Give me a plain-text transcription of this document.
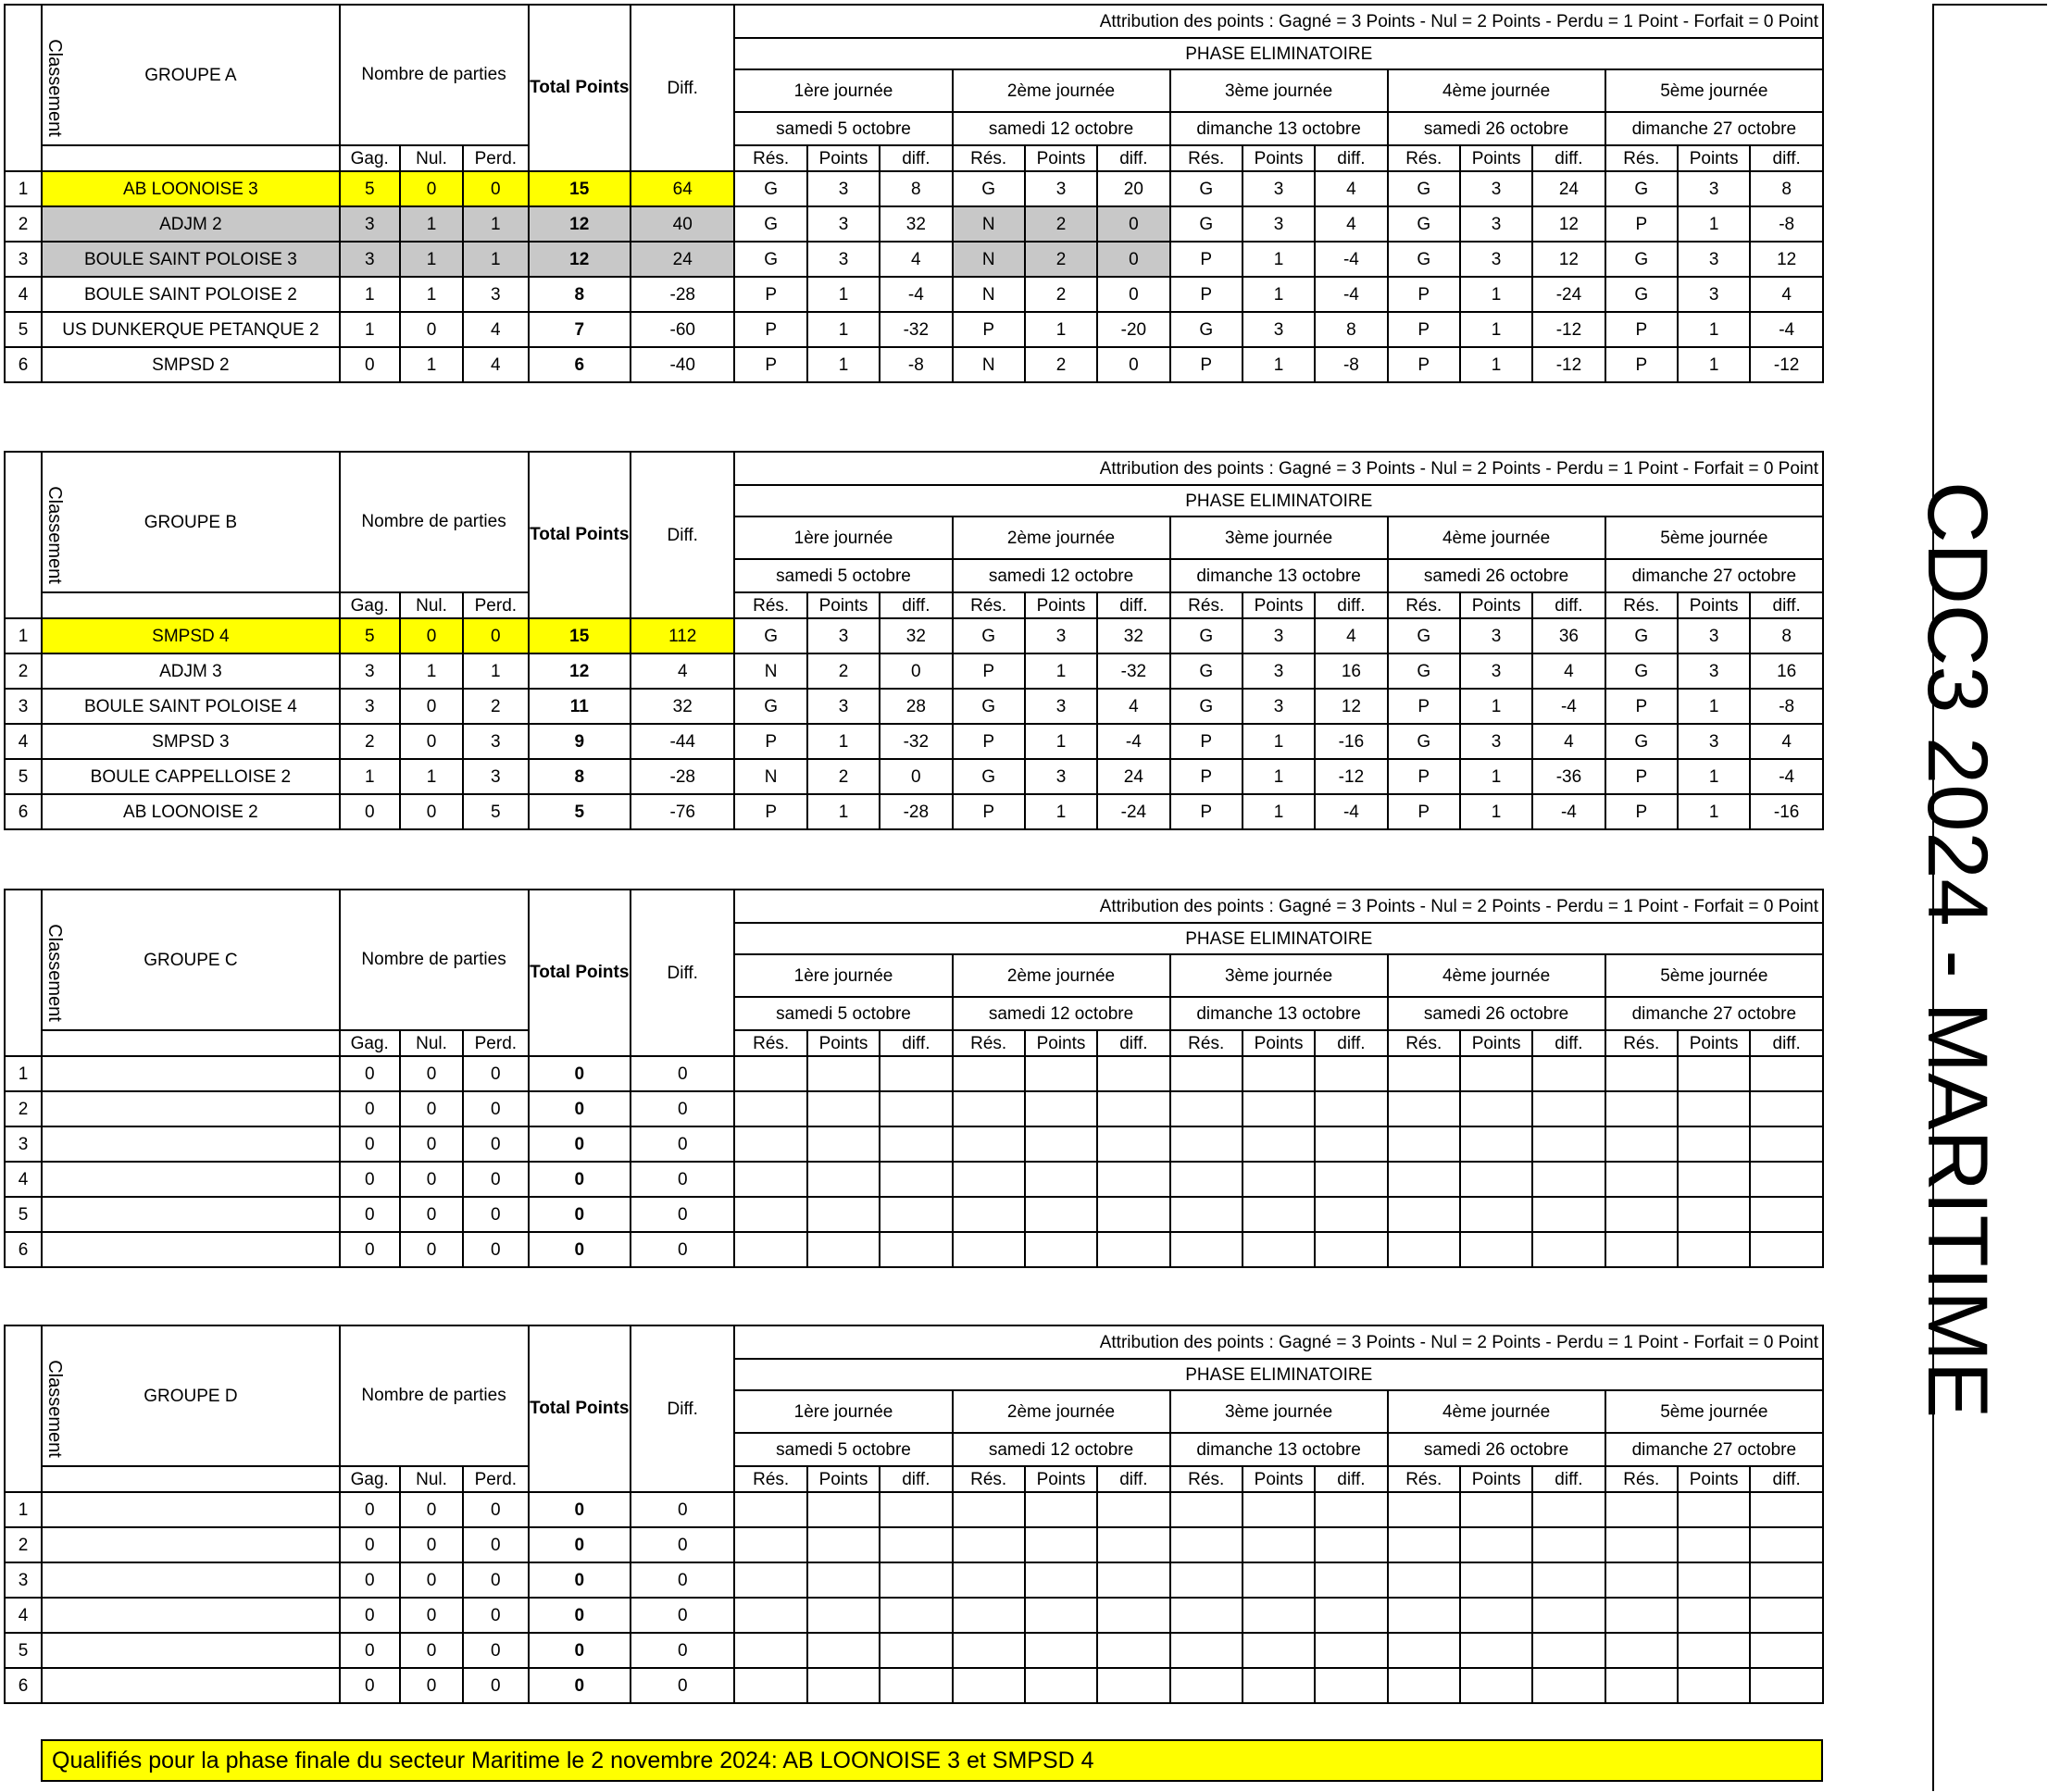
Classement	GROUPE A	Nombre de parties			Total Points	Diff.	Attribution des points : Gagné = 3 Points - Nul = 2 Points - Perdu = 1 Point - Forfait = 0 Point														
							PHASE ELIMINATOIRE														
							1ère journée			2ème journée			3ème journée			4ème journée			5ème journée		
							samedi 5 octobre			samedi 12 octobre			dimanche 13 octobre			samedi 26 octobre			dimanche 27 octobre		
		Gag.	Nul.	Perd.			Rés.	Points	diff.	Rés.	Points	diff.	Rés.	Points	diff.	Rés.	Points	diff.	Rés.	Points	diff.
1	AB LOONOISE 3	5	0	0	15	64	G	3	8	G	3	20	G	3	4	G	3	24	G	3	8
2	ADJM 2	3	1	1	12	40	G	3	32	N	2	0	G	3	4	G	3	12	P	1	-8
3	BOULE SAINT POLOISE 3	3	1	1	12	24	G	3	4	N	2	0	P	1	-4	G	3	12	G	3	12
4	BOULE SAINT POLOISE 2	1	1	3	8	-28	P	1	-4	N	2	0	P	1	-4	P	1	-24	G	3	4
5	US DUNKERQUE PETANQUE 2	1	0	4	7	-60	P	1	-32	P	1	-20	G	3	8	P	1	-12	P	1	-4
6	SMPSD 2	0	1	4	6	-40	P	1	-8	N	2	0	P	1	-8	P	1	-12	P	1	-12
Classement	GROUPE B	Nombre de parties			Total Points	Diff.	Attribution des points : Gagné = 3 Points - Nul = 2 Points - Perdu = 1 Point - Forfait = 0 Point														
							PHASE ELIMINATOIRE														
							1ère journée			2ème journée			3ème journée			4ème journée			5ème journée		
							samedi 5 octobre			samedi 12 octobre			dimanche 13 octobre			samedi 26 octobre			dimanche 27 octobre		
		Gag.	Nul.	Perd.			Rés.	Points	diff.	Rés.	Points	diff.	Rés.	Points	diff.	Rés.	Points	diff.	Rés.	Points	diff.
1	SMPSD 4	5	0	0	15	112	G	3	32	G	3	32	G	3	4	G	3	36	G	3	8
2	ADJM 3	3	1	1	12	4	N	2	0	P	1	-32	G	3	16	G	3	4	G	3	16
3	BOULE SAINT POLOISE 4	3	0	2	11	32	G	3	28	G	3	4	G	3	12	P	1	-4	P	1	-8
4	SMPSD 3	2	0	3	9	-44	P	1	-32	P	1	-4	P	1	-16	G	3	4	G	3	4
5	BOULE CAPPELLOISE 2	1	1	3	8	-28	N	2	0	G	3	24	P	1	-12	P	1	-36	P	1	-4
6	AB LOONOISE 2	0	0	5	5	-76	P	1	-28	P	1	-24	P	1	-4	P	1	-4	P	1	-16
Classement	GROUPE C	Nombre de parties			Total Points	Diff.	Attribution des points : Gagné = 3 Points - Nul = 2 Points - Perdu = 1 Point - Forfait = 0 Point														
							PHASE ELIMINATOIRE														
							1ère journée			2ème journée			3ème journée			4ème journée			5ème journée		
							samedi 5 octobre			samedi 12 octobre			dimanche 13 octobre			samedi 26 octobre			dimanche 27 octobre		
		Gag.	Nul.	Perd.			Rés.	Points	diff.	Rés.	Points	diff.	Rés.	Points	diff.	Rés.	Points	diff.	Rés.	Points	diff.
1		0	0	0	0	0															
2		0	0	0	0	0															
3		0	0	0	0	0															
4		0	0	0	0	0															
5		0	0	0	0	0															
6		0	0	0	0	0															
Classement	GROUPE D	Nombre de parties			Total Points	Diff.	Attribution des points : Gagné = 3 Points - Nul = 2 Points - Perdu = 1 Point - Forfait = 0 Point														
							PHASE ELIMINATOIRE														
							1ère journée			2ème journée			3ème journée			4ème journée			5ème journée		
							samedi 5 octobre			samedi 12 octobre			dimanche 13 octobre			samedi 26 octobre			dimanche 27 octobre		
		Gag.	Nul.	Perd.			Rés.	Points	diff.	Rés.	Points	diff.	Rés.	Points	diff.	Rés.	Points	diff.	Rés.	Points	diff.
1		0	0	0	0	0															
2		0	0	0	0	0															
3		0	0	0	0	0															
4		0	0	0	0	0															
5		0	0	0	0	0															
6		0	0	0	0	0															
Qualifiés pour la phase finale du secteur Maritime le 2 novembre 2024: AB LOONOISE 3 et SMPSD 4
CDC3 2024 - MARITIME
